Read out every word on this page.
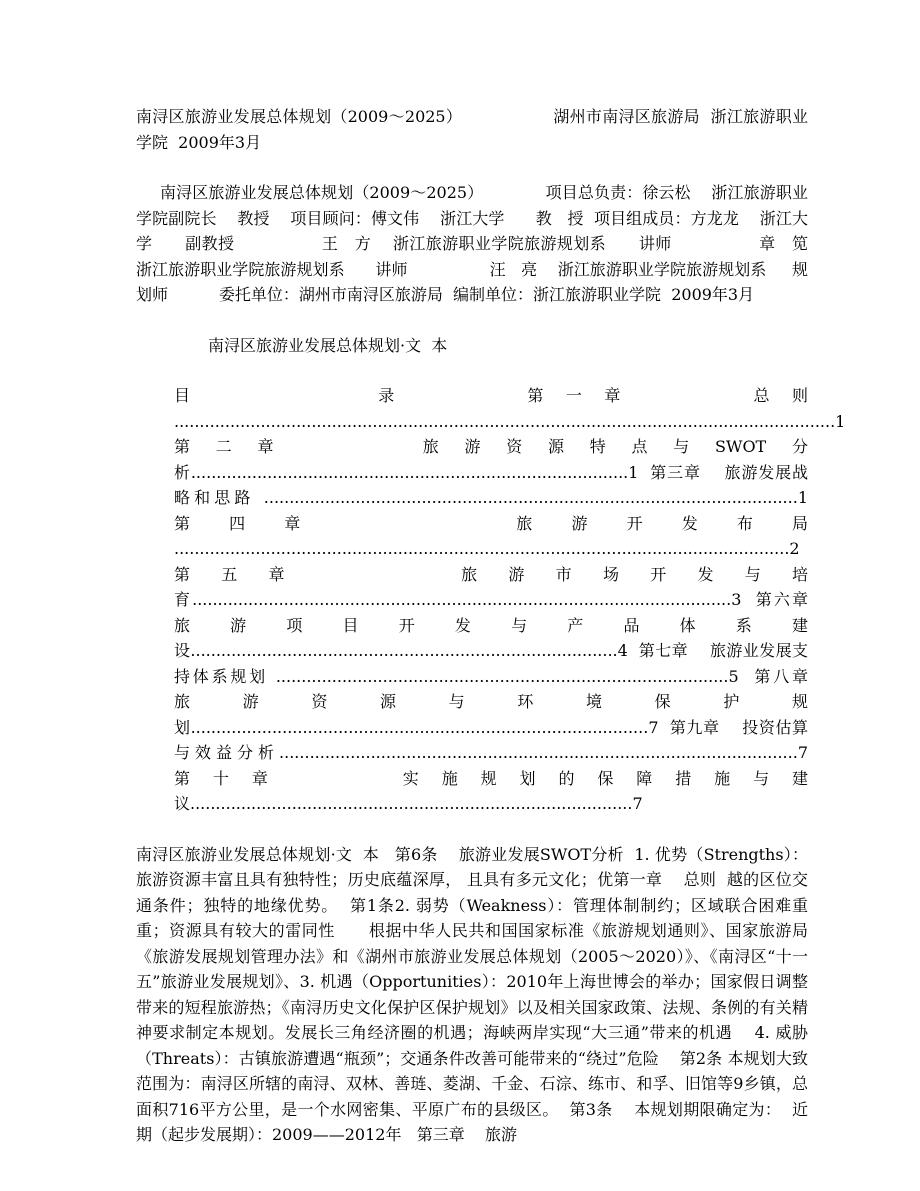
南浔区旅游业发展总体规划（2009～2025）                 湖州市南浔区旅游局  浙江旅游职业学院  2009年3月

南浔区旅游业发展总体规划（2009～2025）            项目总负责：徐云松    浙江旅游职业学院副院长    教授    项目顾问：傅文伟    浙江大学      教   授  项目组成员：方龙龙    浙江大学      副教授                王   方    浙江旅游职业学院旅游规划系      讲师                章   笕    浙江旅游职业学院旅游规划系      讲师                汪   亮    浙江旅游职业学院旅游规划系     规划师          委托单位：湖州市南浔区旅游局  编制单位：浙江旅游职业学院  2009年3月

南浔区旅游业发展总体规划·文  本

目      录    第一章    总则 ..................................................................................................................................1  第二章    旅游资源特点与SWOT分析......................................................................................1  第三章    旅游发展战略和思路 .........................................................................................................1  第四章    旅游开发布局 .........................................................................................................................2  第五章    旅游市场开发与培育..........................................................................................................3  第六章    旅游项目开发与产品体系建设....................................................................................4  第七章    旅游业发展支持体系规划 .........................................................................................5  第八章    旅游资源与环境保护规划..........................................................................................7  第九章    投资估算与效益分析......................................................................................................7  第十章    实施规划的保障措施与建议.......................................................................................7

南浔区旅游业发展总体规划·文  本   第6条    旅游业发展SWOT分析  1. 优势（Strengths）：旅游资源丰富且具有独特性；历史底蕴深厚， 且具有多元文化；优第一章    总则  越的区位交通条件；独特的地缘优势。  第1条2. 弱势（Weakness）：管理体制制约；区域联合困难重重；资源具有较大的雷同性      根据中华人民共和国国家标准《旅游规划通则》、国家旅游局《旅游发展规划管理办法》和《湖州市旅游业发展总体规划（2005～2020）》、《南浔区“十一五”旅游业发展规划》、3. 机遇（Opportunities）：2010年上海世博会的举办；国家假日调整带来的短程旅游热；《南浔历史文化保护区保护规划》以及相关国家政策、法规、条例的有关精神要求制定本规划。发展长三角经济圈的机遇；海峡两岸实现“大三通”带来的机遇    4. 威胁（Threats）：古镇旅游遭遇“瓶颈”；交通条件改善可能带来的“绕过”危险    第2条 本规划大致范围为：南浔区所辖的南浔、双林、善琏、菱湖、千金、石淙、练市、和孚、旧馆等9乡镇，总面积716平方公里，是一个水网密集、平原广布的县级区。  第3条    本规划期限确定为：  近期（起步发展期）：2009——2012年   第三章    旅游
